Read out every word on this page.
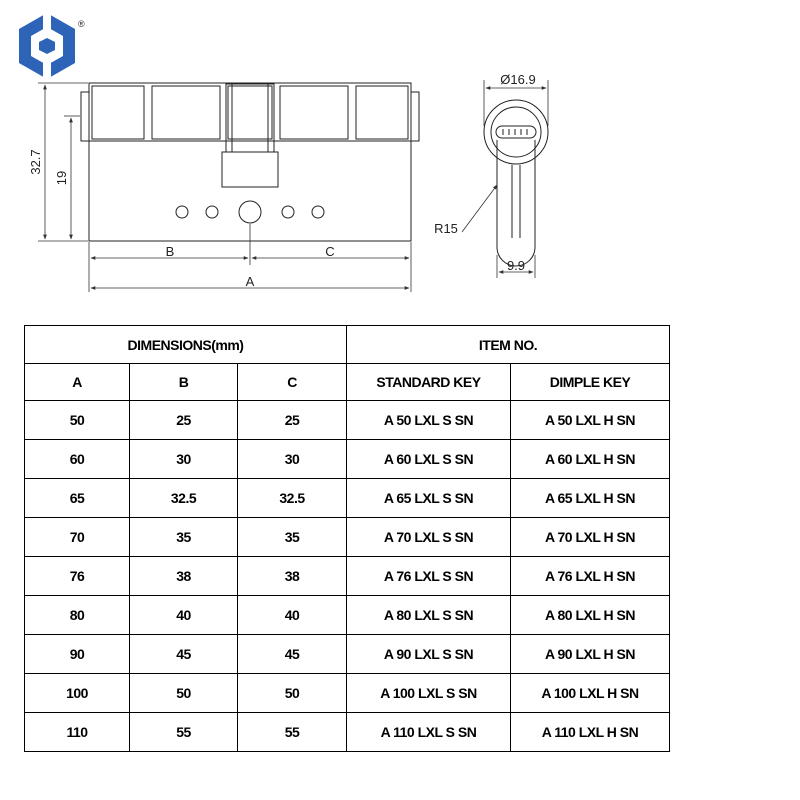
®
32.7
19
B	C
A
Ø16.9
9.9
R15
DIMENSIONS(mm)			ITEM NO.	
A	B	C	STANDARD KEY	DIMPLE KEY
50	25	25	A 50 LXL S SN	A 50 LXL H SN
60	30	30	A 60 LXL S SN	A 60 LXL H SN
65	32.5	32.5	A 65 LXL S SN	A 65 LXL H SN
70	35	35	A 70 LXL S SN	A 70 LXL H SN
76	38	38	A 76 LXL S SN	A 76 LXL H SN
80	40	40	A 80 LXL S SN	A 80 LXL H SN
90	45	45	A 90 LXL S SN	A 90 LXL H SN
100	50	50	A 100 LXL S SN	A 100 LXL H SN
110	55	55	A 110 LXL S SN	A 110 LXL H SN
